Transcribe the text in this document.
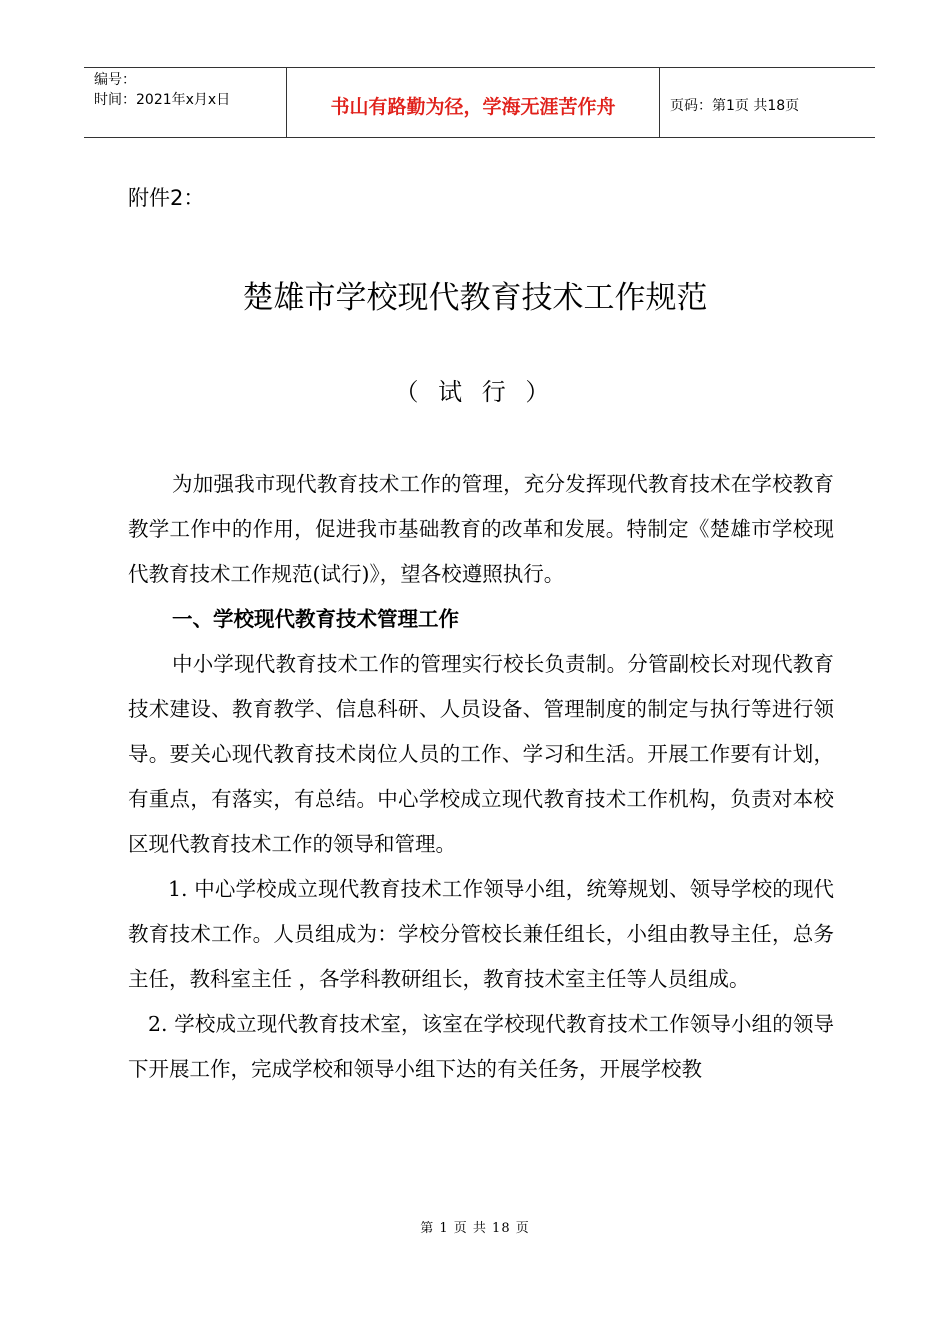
编号：
时间：2021年x月x日	书山有路勤为径，学海无涯苦作舟	页码：第1页 共18页
附件2：
楚雄市学校现代教育技术工作规范
（ 试 行 ）

为加强我市现代教育技术工作的管理，充分发挥现代教育技术在学校教育教学工作中的作用，促进我市基础教育的改革和发展。特制定《楚雄市学校现代教育技术工作规范(试行)》，望各校遵照执行。

一、学校现代教育技术管理工作

中小学现代教育技术工作的管理实行校长负责制。分管副校长对现代教育技术建设、教育教学、信息科研、人员设备、管理制度的制定与执行等进行领导。要关心现代教育技术岗位人员的工作、学习和生活。开展工作要有计划，有重点，有落实，有总结。中心学校成立现代教育技术工作机构，负责对本校区现代教育技术工作的领导和管理。

1. 中心学校成立现代教育技术工作领导小组，统筹规划、领导学校的现代教育技术工作。人员组成为：学校分管校长兼任组长，小组由教导主任，总务主任，教科室主任 ，各学科教研组长，教育技术室主任等人员组成。

2. 学校成立现代教育技术室，该室在学校现代教育技术工作领导小组的领导下开展工作，完成学校和领导小组下达的有关任务，开展学校教

第 1 页 共 18 页
